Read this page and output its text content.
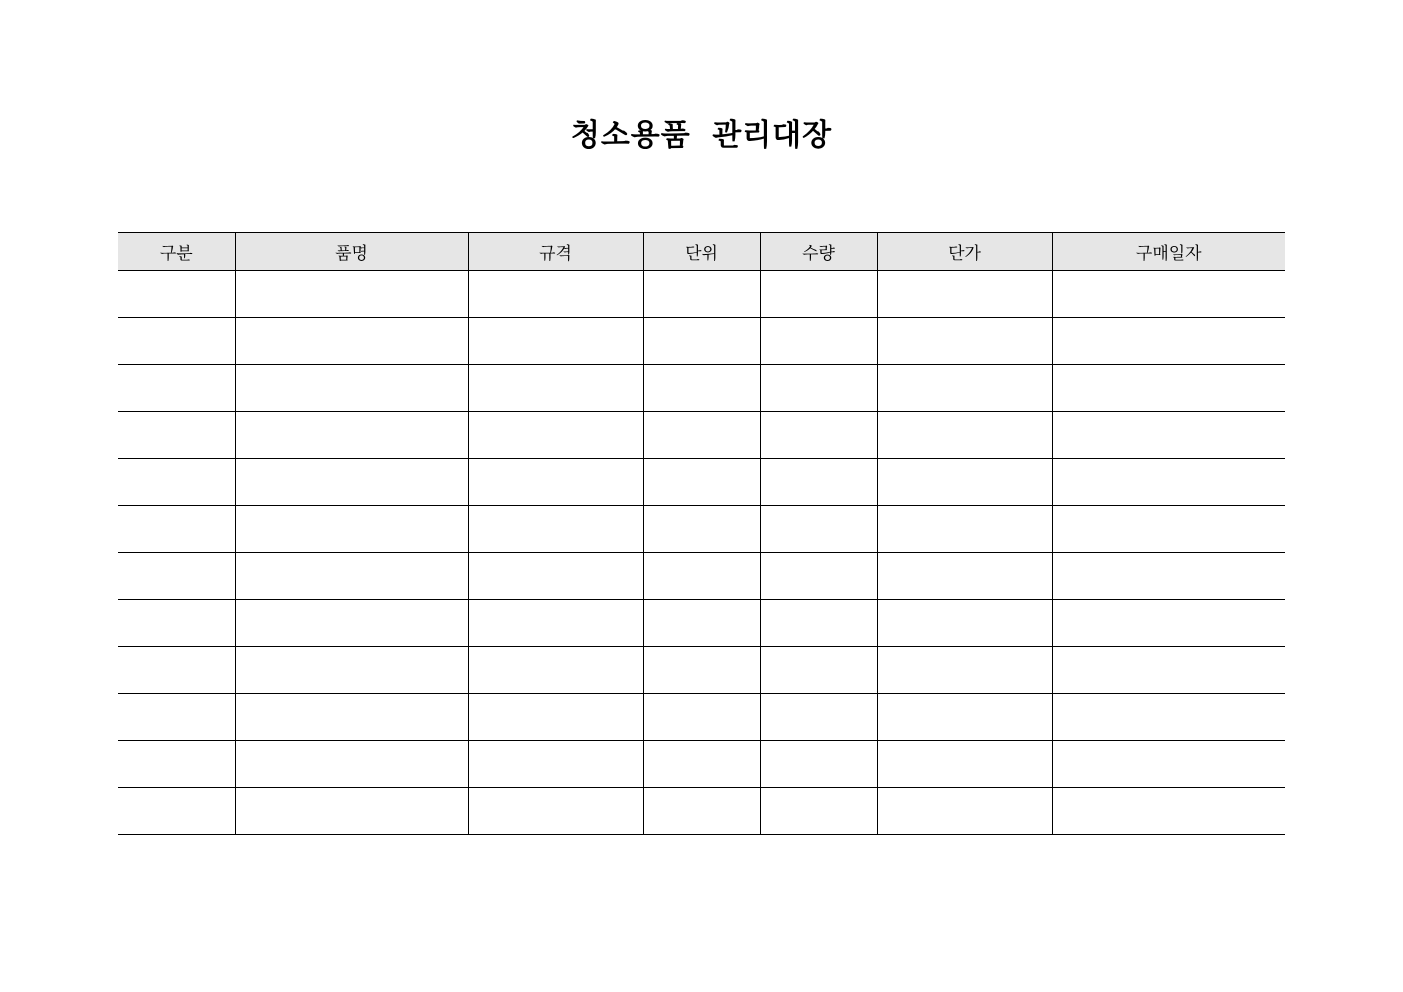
청소용품 관리대장
구분	품명	규격	단위	수량	단가	구매일자
